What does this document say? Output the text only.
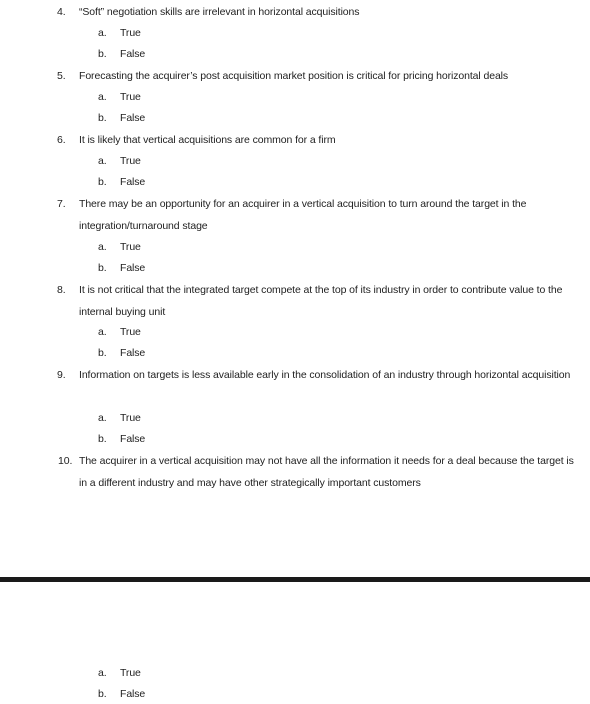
4.	“Soft” negotiation skills are irrelevant in horizontal acquisitions
a. True
b. False
5.	Forecasting the acquirer’s post acquisition market position is critical for pricing horizontal deals
a. True
b. False
6.	It is likely that vertical acquisitions are common for a firm
a. True
b. False
7.	There may be an opportunity for an acquirer in a vertical acquisition to turn around the target in the integration/turnaround stage
a. True
b. False
8.	It is not critical that the integrated target compete at the top of its industry in order to contribute value to the internal buying unit
a. True
b. False
9.	Information on targets is less available early in the consolidation of an industry through horizontal acquisition
a. True
b. False
10. The acquirer in a vertical acquisition may not have all the information it needs for a deal because the target is in a different industry and may have other strategically important customers
a. True
b. False
